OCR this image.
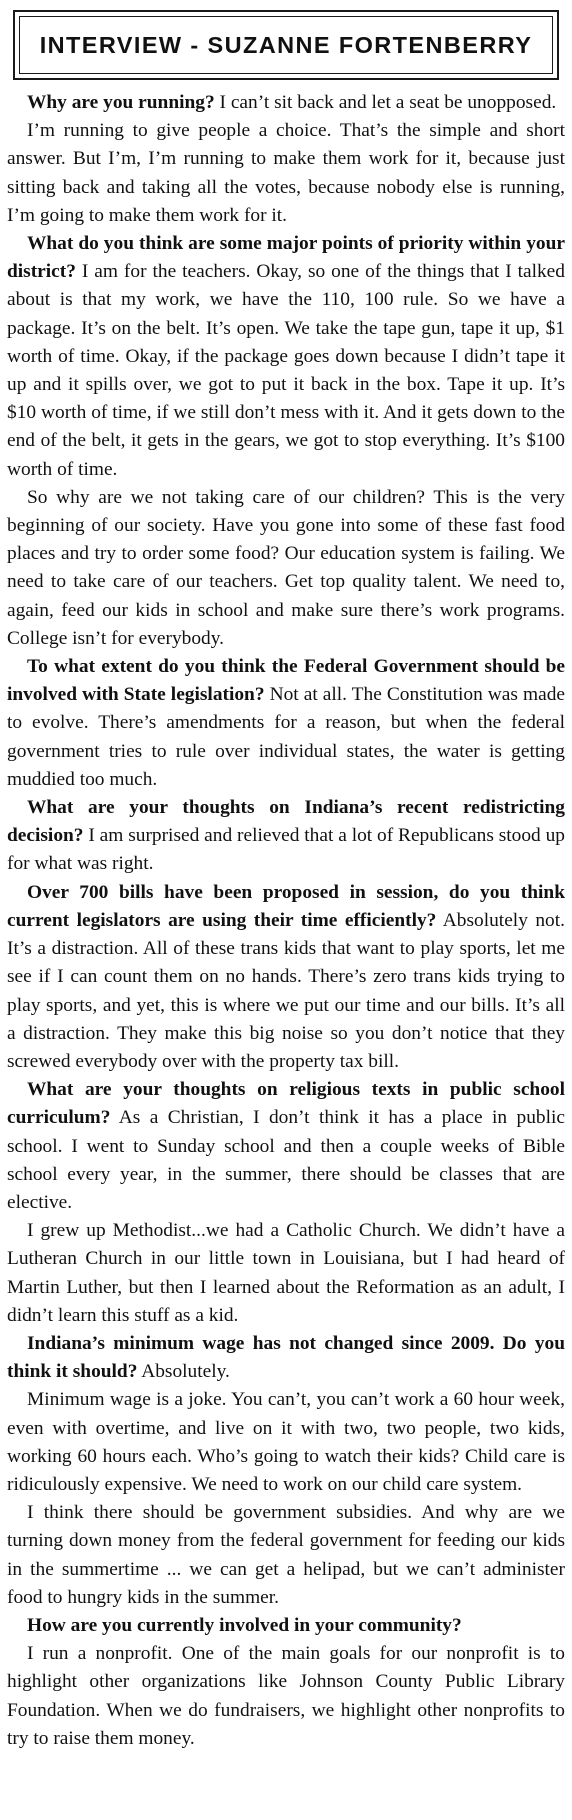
INTERVIEW - SUZANNE FORTENBERRY

Why are you running? I can’t sit back and let a seat be unopposed.

I’m running to give people a choice. That’s the simple and short answer. But I’m, I’m running to make them work for it, because just sitting back and taking all the votes, because nobody else is running, I’m going to make them work for it.

What do you think are some major points of priority within your district? I am for the teachers. Okay, so one of the things that I talked about is that my work, we have the 110, 100 rule. So we have a package. It’s on the belt. It’s open. We take the tape gun, tape it up, $1 worth of time. Okay, if the package goes down because I didn’t tape it up and it spills over, we got to put it back in the box. Tape it up. It’s $10 worth of time, if we still don’t mess with it. And it gets down to the end of the belt, it gets in the gears, we got to stop everything. It’s $100 worth of time.

So why are we not taking care of our children? This is the very beginning of our society. Have you gone into some of these fast food places and try to order some food? Our education system is failing. We need to take care of our teachers. Get top quality talent. We need to, again, feed our kids in school and make sure there’s work programs. College isn’t for everybody.

To what extent do you think the Federal Government should be involved with State legislation? Not at all. The Constitution was made to evolve. There’s amendments for a reason, but when the federal government tries to rule over individual states, the water is getting muddied too much.

What are your thoughts on Indiana’s recent redistricting decision? I am surprised and relieved that a lot of Republicans stood up for what was right.

Over 700 bills have been proposed in session, do you think current legislators are using their time efficiently? Absolutely not. It’s a distraction. All of these trans kids that want to play sports, let me see if I can count them on no hands. There’s zero trans kids trying to play sports, and yet, this is where we put our time and our bills. It’s all a distraction. They make this big noise so you don’t notice that they screwed everybody over with the property tax bill.

What are your thoughts on religious texts in public school curriculum? As a Christian, I don’t think it has a place in public school. I went to Sunday school and then a couple weeks of Bible school every year, in the summer, there should be classes that are elective.

I grew up Methodist...we had a Catholic Church. We didn’t have a Lutheran Church in our little town in Louisiana, but I had heard of Martin Luther, but then I learned about the Reformation as an adult, I didn’t learn this stuff as a kid.

Indiana’s minimum wage has not changed since 2009. Do you think it should? Absolutely.

Minimum wage is a joke. You can’t, you can’t work a 60 hour week, even with overtime, and live on it with two, two people, two kids, working 60 hours each. Who’s going to watch their kids? Child care is ridiculously expensive. We need to work on our child care system.

I think there should be government subsidies. And why are we turning down money from the federal government for feeding our kids in the summertime ... we can get a helipad, but we can’t administer food to hungry kids in the summer.

How are you currently involved in your community?

I run a nonprofit. One of the main goals for our nonprofit is to highlight other organizations like Johnson County Public Library Foundation. When we do fundraisers, we highlight other nonprofits to try to raise them money.
